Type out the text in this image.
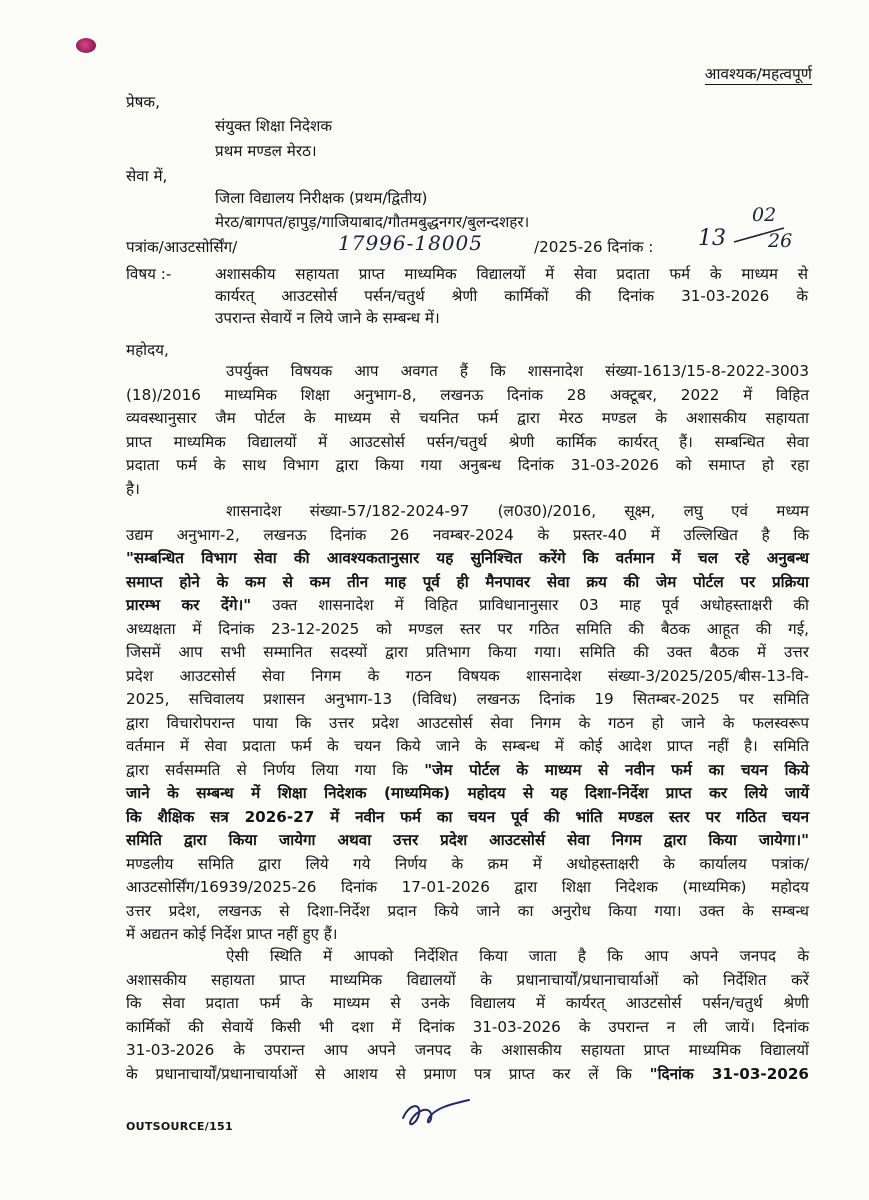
आवश्यक/महत्वपूर्ण
प्रेषक,
संयुक्त शिक्षा निदेशक
प्रथम मण्डल मेरठ।
सेवा में,
जिला विद्यालय निरीक्षक (प्रथम/द्वितीय)
मेरठ/बागपत/हापुड़/गाजियाबाद/गौतमबुद्धनगर/बुलन्दशहर।
पत्रांक/आउटसोर्सिंग/	17996-18005	/2025-26 दिनांक : 13
02
26
विषय :-	अशासकीय सहायता प्राप्त माध्यमिक विद्यालयों में सेवा प्रदाता फर्म के माध्यम से
कार्यरत् आउटसोर्स पर्सन/चतुर्थ श्रेणी कार्मिकों की दिनांक 31-03-2026 के
उपरान्त सेवायें न लिये जाने के सम्बन्ध में।
महोदय,
उपर्युक्त विषयक आप अवगत हैं कि शासनादेश संख्या-1613/15-8-2022-3003
(18)/2016 माध्यमिक शिक्षा अनुभाग-8, लखनऊ दिनांक 28 अक्टूबर, 2022 में विहित
व्यवस्थानुसार जैम पोर्टल के माध्यम से चयनित फर्म द्वारा मेरठ मण्डल के अशासकीय सहायता
प्राप्त माध्यमिक विद्यालयों में आउटसोर्स पर्सन/चतुर्थ श्रेणी कार्मिक कार्यरत् हैं। सम्बन्धित सेवा
प्रदाता फर्म के साथ विभाग द्वारा किया गया अनुबन्ध दिनांक 31-03-2026 को समाप्त हो रहा
है।
शासनादेश संख्या-57/182-2024-97 (ल0उ0)/2016, सूक्ष्म, लघु एवं मध्यम
उद्यम अनुभाग-2, लखनऊ दिनांक 26 नवम्बर-2024 के प्रस्तर-40 में उल्लिखित है कि
"सम्बन्धित विभाग सेवा की आवश्यकतानुसार यह सुनिश्चित करेंगे कि वर्तमान में चल रहे अनुबन्ध
समाप्त होने के कम से कम तीन माह पूर्व ही मैनपावर सेवा क्रय की जेम पोर्टल पर प्रक्रिया
प्रारम्भ कर देंगे।" उक्त शासनादेश में विहित प्राविधानानुसार 03 माह पूर्व अधोहस्ताक्षरी की
अध्यक्षता में दिनांक 23-12-2025 को मण्डल स्तर पर गठित समिति की बैठक आहूत की गई,
जिसमें आप सभी सम्मानित सदस्यों द्वारा प्रतिभाग किया गया। समिति की उक्त बैठक में उत्तर
प्रदेश आउटसोर्स सेवा निगम के गठन विषयक शासनादेश संख्या-3/2025/205/बीस-13-वि-
2025, सचिवालय प्रशासन अनुभाग-13 (विविध) लखनऊ दिनांक 19 सितम्बर-2025 पर समिति
द्वारा विचारोपरान्त पाया कि उत्तर प्रदेश आउटसोर्स सेवा निगम के गठन हो जाने के फलस्वरूप
वर्तमान में सेवा प्रदाता फर्म के चयन किये जाने के सम्बन्ध में कोई आदेश प्राप्त नहीं है। समिति
द्वारा सर्वसम्मति से निर्णय लिया गया कि "जेम पोर्टल के माध्यम से नवीन फर्म का चयन किये
जाने के सम्बन्ध में शिक्षा निदेशक (माध्यमिक) महोदय से यह दिशा-निर्देश प्राप्त कर लिये जायें
कि शैक्षिक सत्र 2026-27 में नवीन फर्म का चयन पूर्व की भांति मण्डल स्तर पर गठित चयन
समिति द्वारा किया जायेगा अथवा उत्तर प्रदेश आउटसोर्स सेवा निगम द्वारा किया जायेगा।"
मण्डलीय समिति द्वारा लिये गये निर्णय के क्रम में अधोहस्ताक्षरी के कार्यालय पत्रांक/
आउटसोर्सिंग/16939/2025-26 दिनांक 17-01-2026 द्वारा शिक्षा निदेशक (माध्यमिक) महोदय
उत्तर प्रदेश, लखनऊ से दिशा-निर्देश प्रदान किये जाने का अनुरोध किया गया। उक्त के सम्बन्ध
में अद्यतन कोई निर्देश प्राप्त नहीं हुए हैं।
ऐसी स्थिति में आपको निर्देशित किया जाता है कि आप अपने जनपद के
अशासकीय सहायता प्राप्त माध्यमिक विद्यालयों के प्रधानाचार्यों/प्रधानाचार्याओं को निर्देशित करें
कि सेवा प्रदाता फर्म के माध्यम से उनके विद्यालय में कार्यरत् आउटसोर्स पर्सन/चतुर्थ श्रेणी
कार्मिकों की सेवायें किसी भी दशा में दिनांक 31-03-2026 के उपरान्त न ली जायें। दिनांक
31-03-2026 के उपरान्त आप अपने जनपद के अशासकीय सहायता प्राप्त माध्यमिक विद्यालयों
के प्रधानाचार्यों/प्रधानाचार्याओं से आशय से प्रमाण पत्र प्राप्त कर लें कि "दिनांक 31-03-2026
OUTSOURCE/151
